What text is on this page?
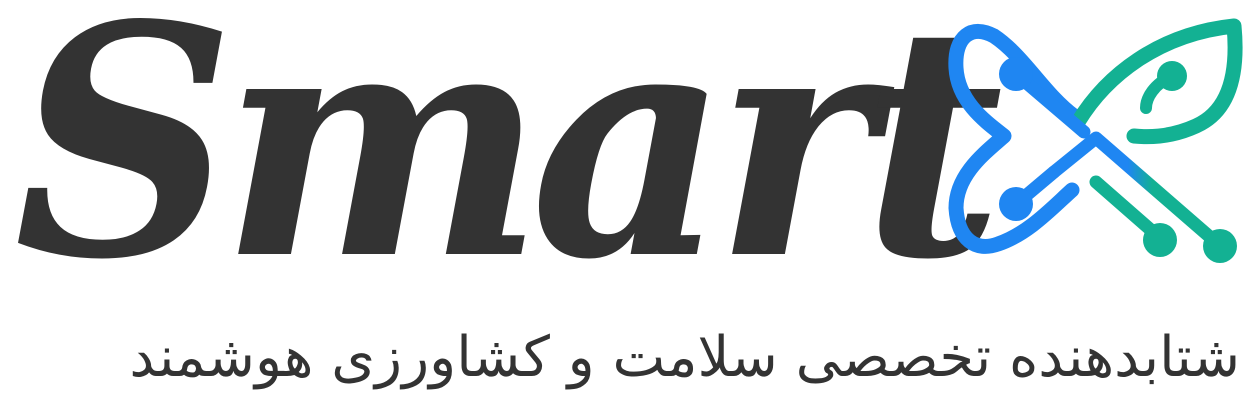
Smart
شتابدهنده تخصصی سلامت و کشاورزی هوشمند
